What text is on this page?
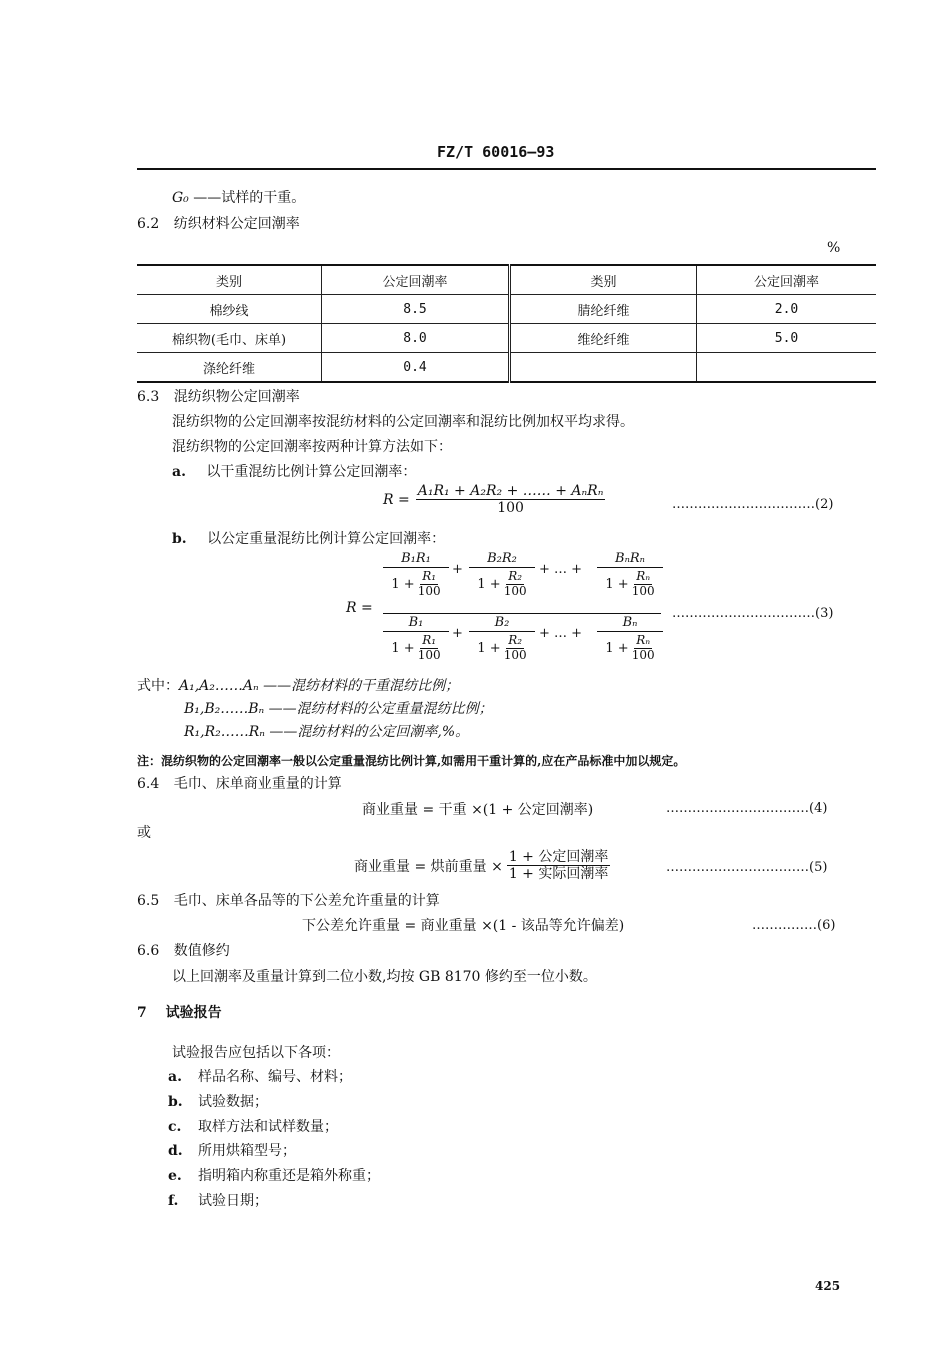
FZ/T 60016—93
G₀ ——试样的干重。
6.2 纺织材料公定回潮率
%
类别	公定回潮率	类别	公定回潮率
棉纱线	8.5	腈纶纤维	2.0
棉织物(毛巾、床单)	8.0	维纶纤维	5.0
涤纶纤维	0.4		
6.3 混纺织物公定回潮率
混纺织物的公定回潮率按混纺材料的公定回潮率和混纺比例加权平均求得。
混纺织物的公定回潮率按两种计算方法如下：
a. 以干重混纺比例计算公定回潮率：
$R = \frac{\text{A₁R₁ + A₂R₂ + …… + AₙRₙ}}{100}$	……………………………(2)
b. 以公定重量混纺比例计算公定回潮率：
R =
B₁R₁
$1 + \frac{\text{R₁}}{100}$
+
B₂R₂
$1 + \frac{\text{R₂}}{100}$
+ … +
BₙRₙ
$1 + \frac{\text{Rₙ}}{100}$
B₁
$1 + \frac{\text{R₁}}{100}$
+
B₂
$1 + \frac{\text{R₂}}{100}$
+ … +
Bₙ
$1 + \frac{\text{Rₙ}}{100}$
……………………………(3)
式中：A₁,A₂……Aₙ ——混纺材料的干重混纺比例；
B₁,B₂……Bₙ ——混纺材料的公定重量混纺比例；
R₁,R₂……Rₙ ——混纺材料的公定回潮率,%。
注：混纺织物的公定回潮率一般以公定重量混纺比例计算,如需用干重计算的,应在产品标准中加以规定。
6.4 毛巾、床单商业重量的计算
商业重量 = 干重 ×(1 + 公定回潮率)	……………………………(4)
或
商业重量 = 烘前重量 × $\frac{\text{1 + 公定回潮率}}{\text{1 + 实际回潮率}}$	……………………………(5)
6.5 毛巾、床单各品等的下公差允许重量的计算
下公差允许重量 = 商业重量 ×(1 - 该品等允许偏差)	……………(6)
6.6 数值修约
以上回潮率及重量计算到二位小数,均按 GB 8170 修约至一位小数。
7 试验报告
试验报告应包括以下各项：
a. 样品名称、编号、材料；
b. 试验数据；
c. 取样方法和试样数量；
d. 所用烘箱型号；
e. 指明箱内称重还是箱外称重；
f. 试验日期；
425
